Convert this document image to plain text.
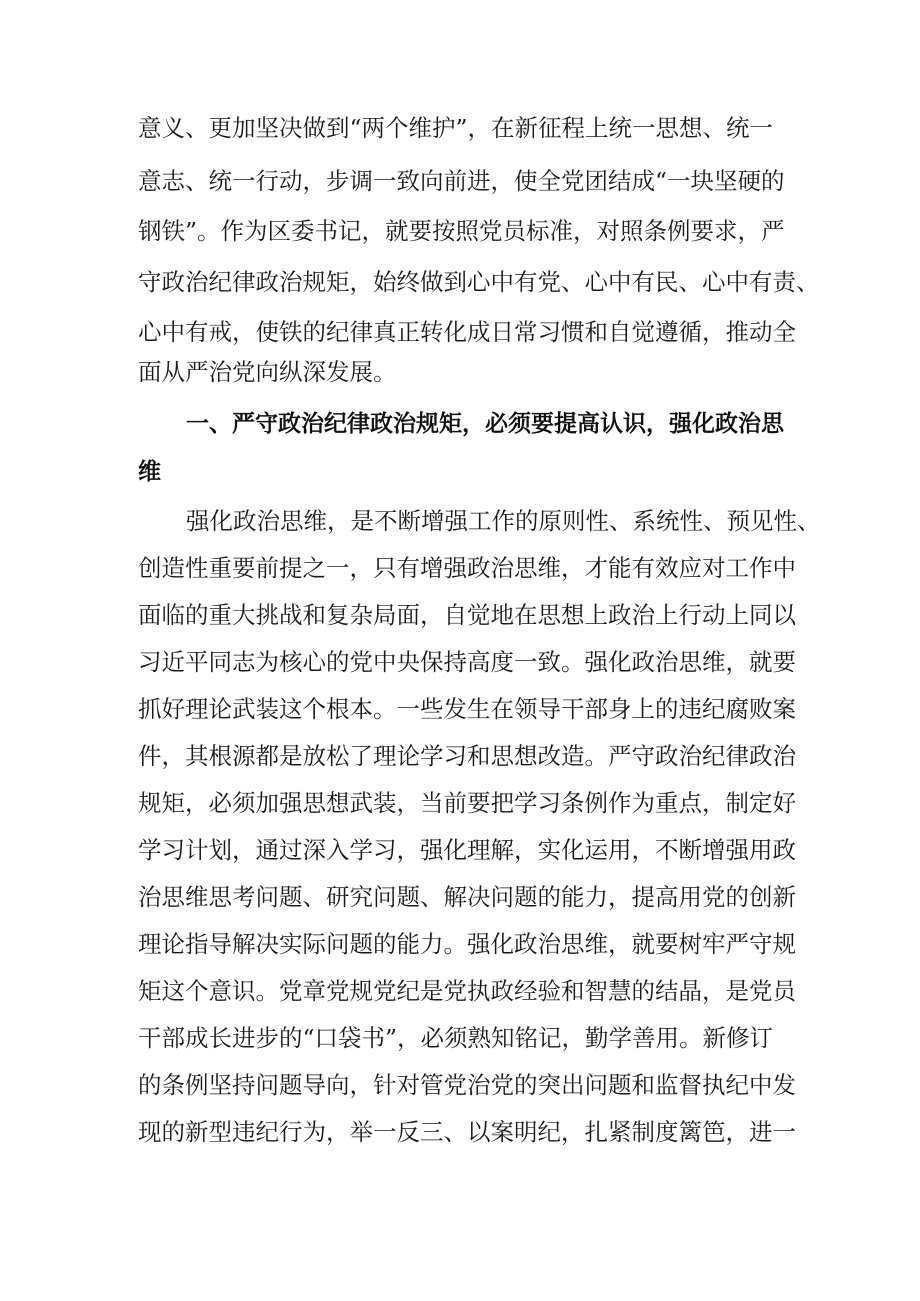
意义、更加坚决做到“两个维护”，在新征程上统一思想、统一
意志、统一行动，步调一致向前进，使全党团结成“一块坚硬的
钢铁”。作为区委书记，就要按照党员标准，对照条例要求，严
守政治纪律政治规矩，始终做到心中有党、心中有民、心中有责、
心中有戒，使铁的纪律真正转化成日常习惯和自觉遵循，推动全
面从严治党向纵深发展。
一、严守政治纪律政治规矩，必须要提高认识，强化政治思
维
强化政治思维，是不断增强工作的原则性、系统性、预见性、
创造性重要前提之一，只有增强政治思维，才能有效应对工作中
面临的重大挑战和复杂局面，自觉地在思想上政治上行动上同以
习近平同志为核心的党中央保持高度一致。强化政治思维，就要
抓好理论武装这个根本。一些发生在领导干部身上的违纪腐败案
件，其根源都是放松了理论学习和思想改造。严守政治纪律政治
规矩，必须加强思想武装，当前要把学习条例作为重点，制定好
学习计划，通过深入学习，强化理解，实化运用，不断增强用政
治思维思考问题、研究问题、解决问题的能力，提高用党的创新
理论指导解决实际问题的能力。强化政治思维，就要树牢严守规
矩这个意识。党章党规党纪是党执政经验和智慧的结晶，是党员
干部成长进步的“口袋书”，必须熟知铭记，勤学善用。新修订
的条例坚持问题导向，针对管党治党的突出问题和监督执纪中发
现的新型违纪行为，举一反三、以案明纪，扎紧制度篱笆，进一
